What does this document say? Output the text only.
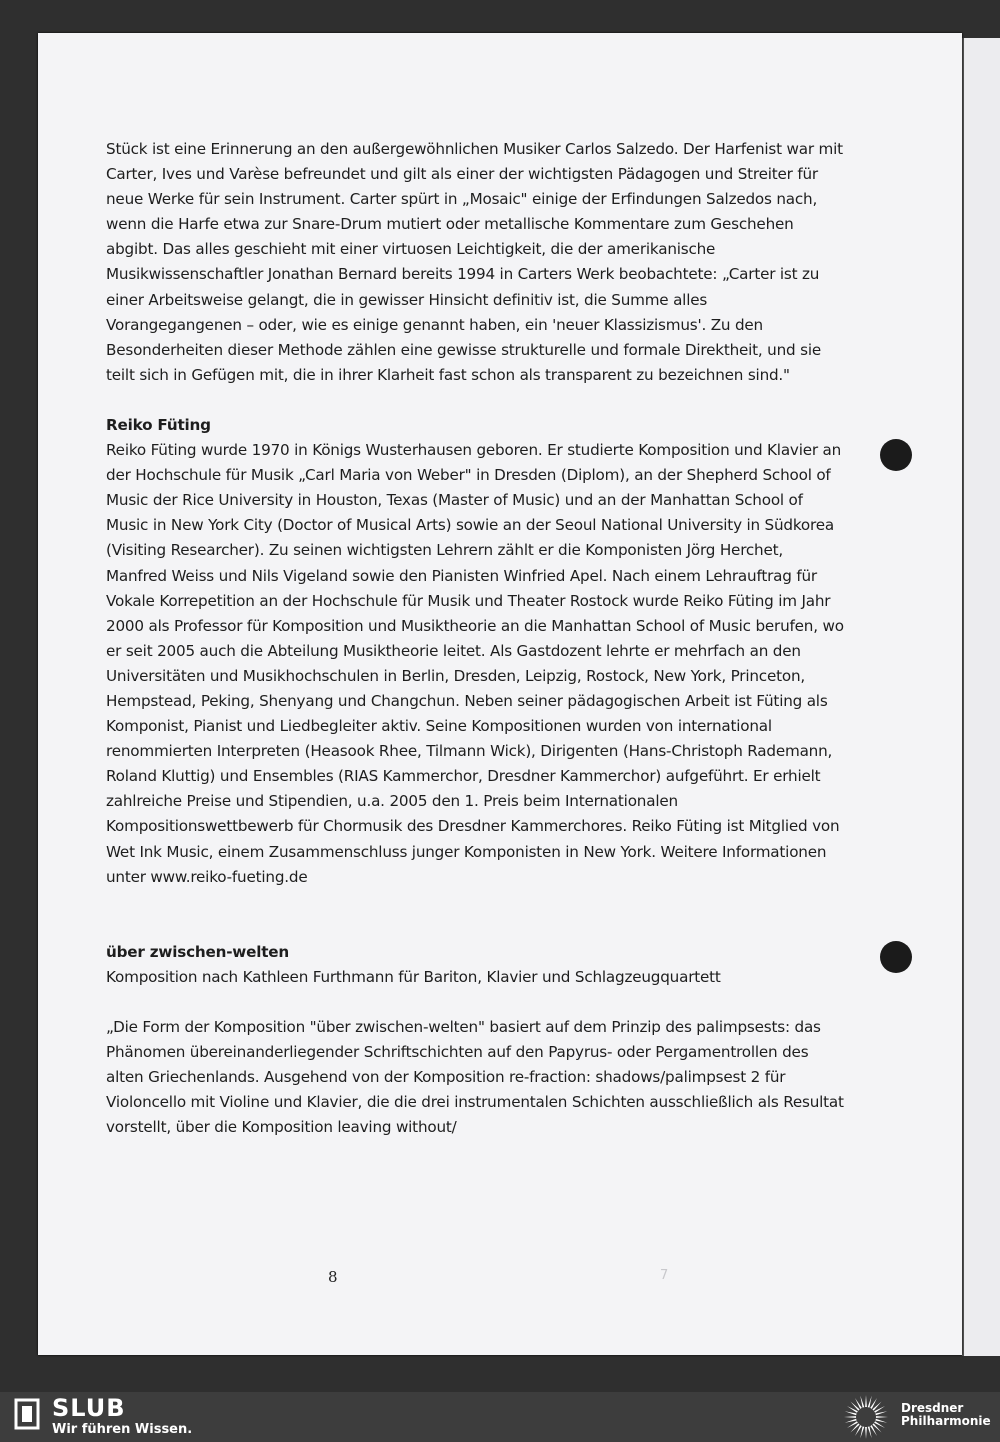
Stück ist eine Erinnerung an den außergewöhnlichen Musiker Carlos Salzedo. Der Harfenist war mit Carter, Ives und Varèse befreundet und gilt als einer der wichtigsten Pädagogen und Streiter für neue Werke für sein Instrument. Carter spürt in „Mosaic" einige der Erfindungen Salzedos nach, wenn die Harfe etwa zur Snare-Drum mutiert oder metallische Kommentare zum Geschehen abgibt. Das alles geschieht mit einer virtuosen Leichtigkeit, die der amerikanische Musikwissenschaftler Jonathan Bernard bereits 1994 in Carters Werk beobachtete: „Carter ist zu einer Arbeitsweise gelangt, die in gewisser Hinsicht definitiv ist, die Summe alles Vorangegangenen – oder, wie es einige genannt haben, ein 'neuer Klassizismus'. Zu den Besonderheiten dieser Methode zählen eine gewisse strukturelle und formale Direktheit, und sie teilt sich in Gefügen mit, die in ihrer Klarheit fast schon als transparent zu bezeichnen sind."

Reiko Füting

Reiko Füting wurde 1970 in Königs Wusterhausen geboren. Er studierte Komposition und Klavier an der Hochschule für Musik „Carl Maria von Weber" in Dresden (Diplom), an der Shepherd School of Music der Rice University in Houston, Texas (Master of Music) und an der Manhattan School of Music in New York City (Doctor of Musical Arts) sowie an der Seoul National University in Südkorea (Visiting Researcher). Zu seinen wichtigsten Lehrern zählt er die Komponisten Jörg Herchet, Manfred Weiss und Nils Vigeland sowie den Pianisten Winfried Apel. Nach einem Lehrauftrag für Vokale Korrepetition an der Hochschule für Musik und Theater Rostock wurde Reiko Füting im Jahr 2000 als Professor für Komposition und Musiktheorie an die Manhattan School of Music berufen, wo er seit 2005 auch die Abteilung Musiktheorie leitet. Als Gastdozent lehrte er mehrfach an den Universitäten und Musikhochschulen in Berlin, Dresden, Leipzig, Rostock, New York, Princeton, Hempstead, Peking, Shenyang und Changchun. Neben seiner pädagogischen Arbeit ist Füting als Komponist, Pianist und Liedbegleiter aktiv. Seine Kompositionen wurden von international renommierten Interpreten (Heasook Rhee, Tilmann Wick), Dirigenten (Hans-Christoph Rademann, Roland Kluttig) und Ensembles (RIAS Kammerchor, Dresdner Kammerchor) aufgeführt. Er erhielt zahlreiche Preise und Stipendien, u.a. 2005 den 1. Preis beim Internationalen Kompositionswettbewerb für Chormusik des Dresdner Kammerchores. Reiko Füting ist Mitglied von Wet Ink Music, einem Zusammenschluss junger Komponisten in New York. Weitere Informationen unter www.reiko-fueting.de

über zwischen-welten

Komposition nach Kathleen Furthmann für Bariton, Klavier und Schlagzeugquartett

„Die Form der Komposition "über zwischen-welten" basiert auf dem Prinzip des palimpsests: das Phänomen übereinanderliegender Schriftschichten auf den Papyrus- oder Pergamentrollen des alten Griechenlands. Ausgehend von der Komposition re-fraction: shadows/palimpsest 2 für Violoncello mit Violine und Klavier, die die drei instrumentalen Schichten ausschließlich als Resultat vorstellt, über die Komposition leaving without/

8	7
SLUB
Wir führen Wissen.
Dresdner
Philharmonie
